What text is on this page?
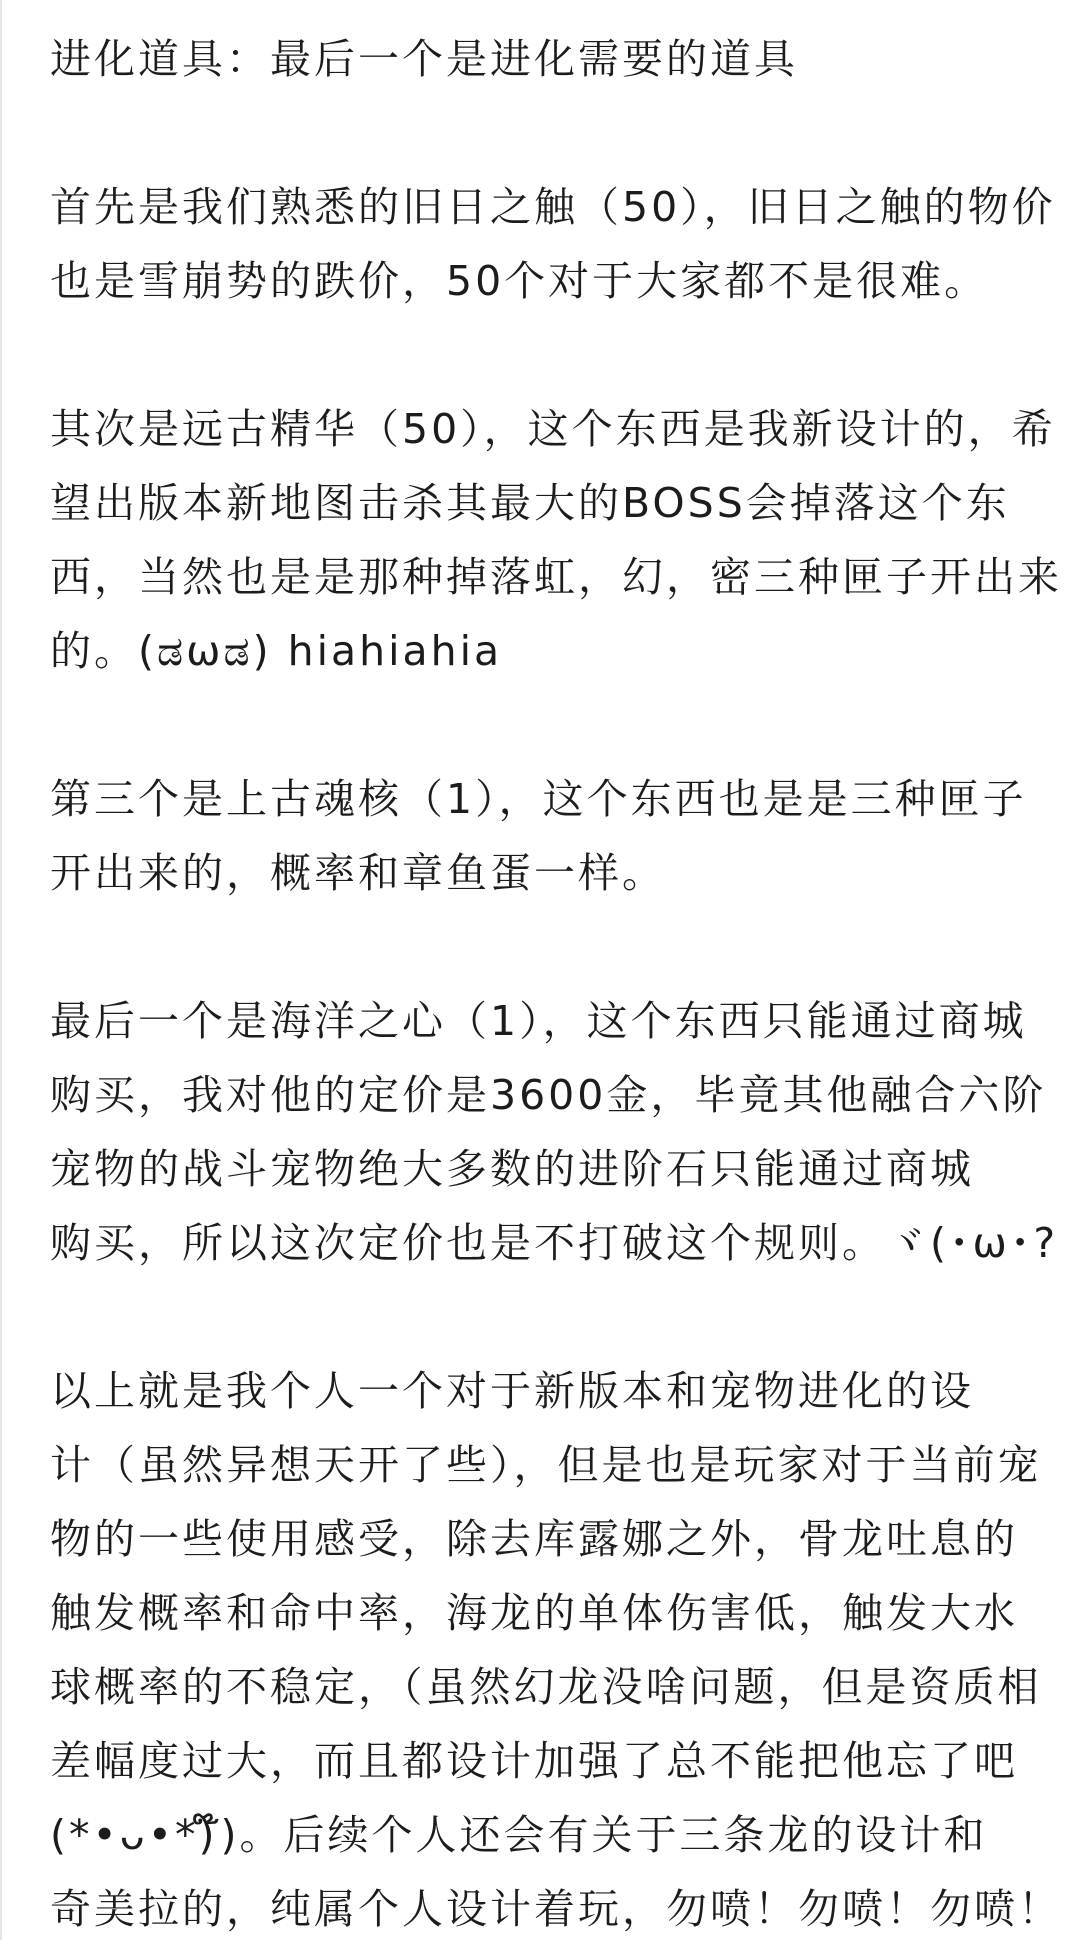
进化道具：最后一个是进化需要的道具
首先是我们熟悉的旧日之触（50），旧日之触的物价
也是雪崩势的跌价，50个对于大家都不是很难。
其次是远古精华（50），这个东西是我新设计的，希
望出版本新地图击杀其最大的BOSS会掉落这个东
西，当然也是是那种掉落虹，幻，密三种匣子开出来
的。(ಡωಡ) hiahiahia
第三个是上古魂核（1），这个东西也是是三种匣子
开出来的，概率和章鱼蛋一样。
最后一个是海洋之心（1），这个东西只能通过商城
购买，我对他的定价是3600金，毕竟其他融合六阶
宠物的战斗宠物绝大多数的进阶石只能通过商城
购买，所以这次定价也是不打破这个规则。ヾ(･ω･?
以上就是我个人一个对于新版本和宠物进化的设
计（虽然异想天开了些），但是也是玩家对于当前宠
物的一些使用感受，除去库露娜之外，骨龙吐息的
触发概率和命中率，海龙的单体伤害低，触发大水
球概率的不稳定，（虽然幻龙没啥问题，但是资质相
差幅度过大，而且都设计加强了总不能把他忘了吧
(*•ᴗ•*)໊)。后续个人还会有关于三条龙的设计和
奇美拉的，纯属个人设计着玩，勿喷！勿喷！勿喷！
